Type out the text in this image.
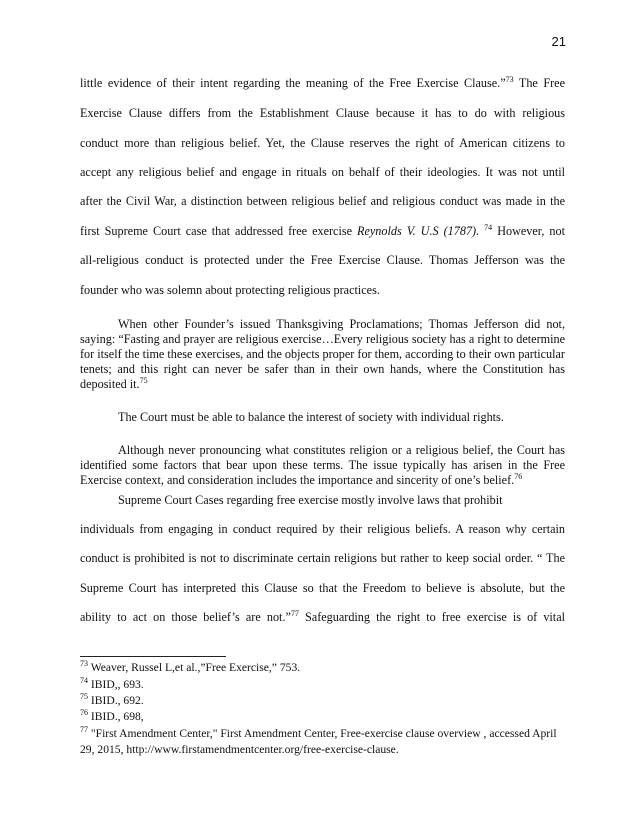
21
little evidence of their intent regarding the meaning of the Free Exercise Clause.”$^{73}$ The Free
Exercise Clause differs from the Establishment Clause because it has to do with religious
conduct more than religious belief. Yet, the Clause reserves the right of American citizens to
accept any religious belief and engage in rituals on behalf of their ideologies. It was not until
after the Civil War, a distinction between religious belief and religious conduct was made in the
first Supreme Court case that addressed free exercise Reynolds V. U.S (1787). $^{74}$ However, not
all-religious conduct is protected under the Free Exercise Clause. Thomas Jefferson was the
founder who was solemn about protecting religious practices.
When other Founder’s issued Thanksgiving Proclamations; Thomas Jefferson did not, saying: “Fasting and prayer are religious exercise…Every religious society has a right to determine for itself the time these exercises, and the objects proper for them, according to their own particular tenets; and this right can never be safer than in their own hands, where the Constitution has deposited it.$^{75}$
The Court must be able to balance the interest of society with individual rights.
Although never pronouncing what constitutes religion or a religious belief, the Court has identified some factors that bear upon these terms. The issue typically has arisen in the Free Exercise context, and consideration includes the importance and sincerity of one’s belief.$^{76}$
Supreme Court Cases regarding free exercise mostly involve laws that prohibit
individuals from engaging in conduct required by their religious beliefs. A reason why certain
conduct is prohibited is not to discriminate certain religions but rather to keep social order. “ The
Supreme Court has interpreted this Clause so that the Freedom to believe is absolute, but the
ability to act on those belief’s are not.”$^{77}$ Safeguarding the right to free exercise is of vital
$^{73}$ Weaver, Russel L,et al.,”Free Exercise,” 753.
$^{74}$ IBID,, 693.
$^{75}$ IBID., 692.
$^{76}$ IBID., 698,
$^{77}$ "First Amendment Center," First Amendment Center, Free-exercise clause overview , accessed April 29, 2015, http://www.firstamendmentcenter.org/free-exercise-clause.
